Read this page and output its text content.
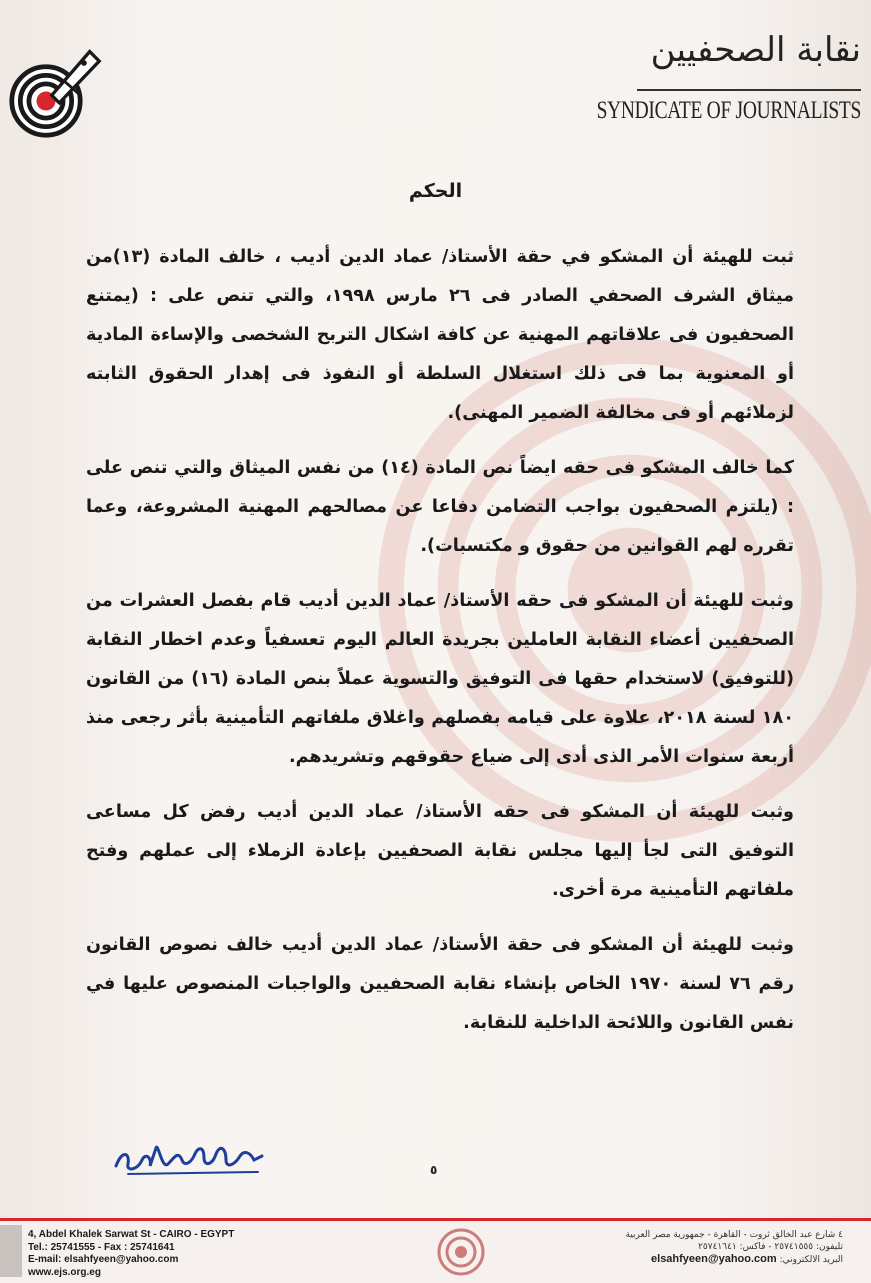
نقابة الصحفيين
SYNDICATE OF JOURNALISTS
الحكم

ثبت للهيئة أن المشكو في حقة الأستاذ/ عماد الدين أديب ، خالف المادة (١٣)من ميثاق الشرف الصحفي الصادر فى ٢٦ مارس ١٩٩٨، والتي تنص على : (يمتنع الصحفيون فى علاقاتهم المهنية عن كافة اشكال التربح الشخصى والإساءة المادية أو المعنوية بما فى ذلك استغلال السلطة أو النفوذ فى إهدار الحقوق الثابته لزملائهم أو فى مخالفة الضمير المهنى).

كما خالف المشكو فى حقه ايضاً نص المادة (١٤) من نفس الميثاق والتي تنص على : (يلتزم الصحفيون بواجب التضامن دفاعا عن مصالحهم المهنية المشروعة، وعما تقرره لهم القوانين من حقوق و مكتسبات).

وثبت للهيئة أن المشكو فى حقه الأستاذ/ عماد الدين أديب قام بفصل العشرات من الصحفيين أعضاء النقابة العاملين بجريدة العالم اليوم تعسفياً وعدم اخطار النقابة (للتوفيق) لاستخدام حقها فى التوفيق والتسوية عملاً بنص المادة (١٦) من القانون ١٨٠ لسنة ٢٠١٨، علاوة على قيامه بفصلهم واغلاق ملفاتهم التأمينية بأثر رجعى منذ أربعة سنوات الأمر الذى أدى إلى ضياع حقوقهم وتشريدهم.

وثبت للهيئة أن المشكو فى حقه الأستاذ/ عماد الدين أديب رفض كل مساعى التوفيق التى لجأ إليها مجلس نقابة الصحفيين بإعادة الزملاء إلى عملهم وفتح ملفاتهم التأمينية مرة أخرى.

وثبت للهيئة أن المشكو فى حقة الأستاذ/ عماد الدين أديب خالف نصوص القانون رقم ٧٦ لسنة ١٩٧٠ الخاص بإنشاء نقابة الصحفيين والواجبات المنصوص عليها في نفس القانون واللائحة الداخلية للنقابة.

٥
4, Abdel Khalek Sarwat St - CAIRO - EGYPT
Tel.: 25741555 - Fax : 25741641
E-mail: elsahfyeen@yahoo.com
www.ejs.org.eg
٤ شارع عبد الخالق ثروت - القاهرة - جمهورية مصر العربية
تليفون: ٢٥٧٤١٥٥٥ - فاكس: ٢٥٧٤١٦٤١
البريد الالكتروني: elsahfyeen@yahoo.com
